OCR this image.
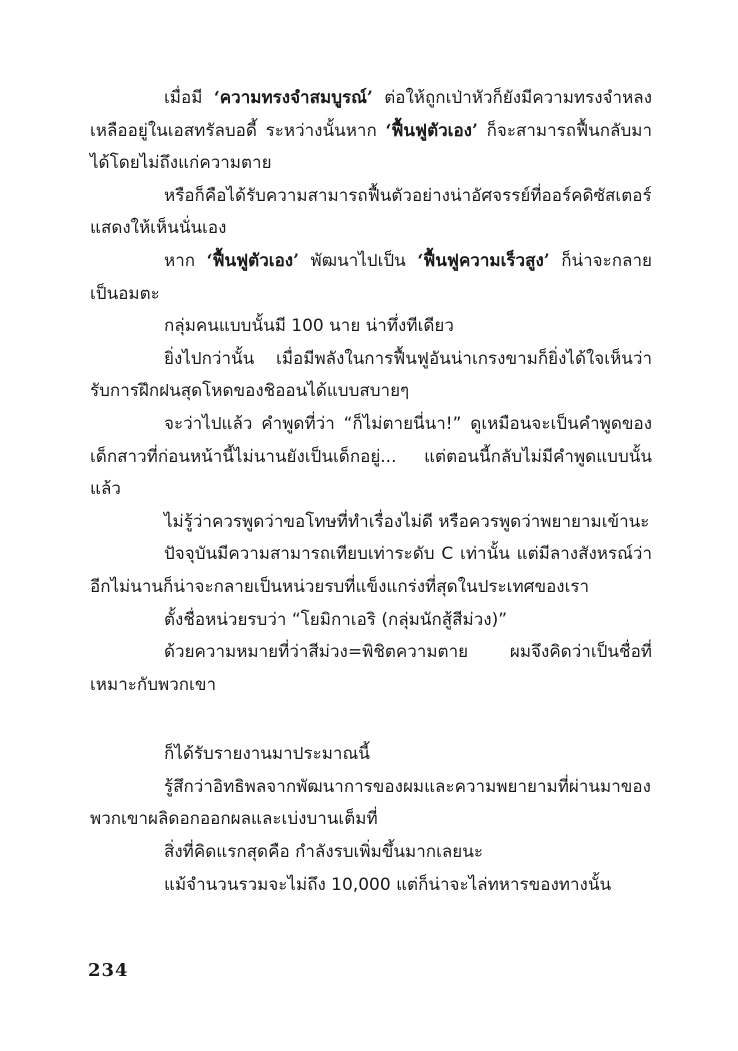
เมื่อมี ‘ความทรงจำสมบูรณ์’ ต่อให้ถูกเป่าหัวก็ยังมีความทรงจำหลงเหลืออยู่ในเอสทรัลบอดี้ ระหว่างนั้นหาก ‘ฟื้นฟูตัวเอง’ ก็จะสามารถฟื้นกลับมาได้โดยไม่ถึงแก่ความตาย

หรือก็คือได้รับความสามารถฟื้นตัวอย่างน่าอัศจรรย์ที่ออร์คดิซัสเตอร์แสดงให้เห็นนั่นเอง

หาก ‘ฟื้นฟูตัวเอง’ พัฒนาไปเป็น ‘ฟื้นฟูความเร็วสูง’ ก็น่าจะกลายเป็นอมตะ

กลุ่มคนแบบนั้นมี 100 นาย น่าทึ่งทีเดียว

ยิ่งไปกว่านั้น เมื่อมีพลังในการฟื้นฟูอันน่าเกรงขามก็ยิ่งได้ใจเห็นว่ารับการฝึกฝนสุดโหดของชิออนได้แบบสบายๆ

จะว่าไปแล้ว คำพูดที่ว่า “ก็ไม่ตายนี่นา!” ดูเหมือนจะเป็นคำพูดของเด็กสาวที่ก่อนหน้านี้ไม่นานยังเป็นเด็กอยู่... แต่ตอนนี้กลับไม่มีคำพูดแบบนั้นแล้ว

ไม่รู้ว่าควรพูดว่าขอโทษที่ทำเรื่องไม่ดี หรือควรพูดว่าพยายามเข้านะ

ปัจจุบันมีความสามารถเทียบเท่าระดับ C เท่านั้น แต่มีลางสังหรณ์ว่าอีกไม่นานก็น่าจะกลายเป็นหน่วยรบที่แข็งแกร่งที่สุดในประเทศของเรา

ตั้งชื่อหน่วยรบว่า “โยมิกาเอริ (กลุ่มนักสู้สีม่วง)”

ด้วยความหมายที่ว่าสีม่วง=พิชิตความตาย ผมจึงคิดว่าเป็นชื่อที่เหมาะกับพวกเขา

ก็ได้รับรายงานมาประมาณนี้

รู้สึกว่าอิทธิพลจากพัฒนาการของผมและความพยายามที่ผ่านมาของพวกเขาผลิดอกออกผลและเบ่งบานเต็มที่

สิ่งที่คิดแรกสุดคือ กำลังรบเพิ่มขึ้นมากเลยนะ

แม้จำนวนรวมจะไม่ถึง 10,000 แต่ก็น่าจะไล่ทหารของทางนั้น

234
